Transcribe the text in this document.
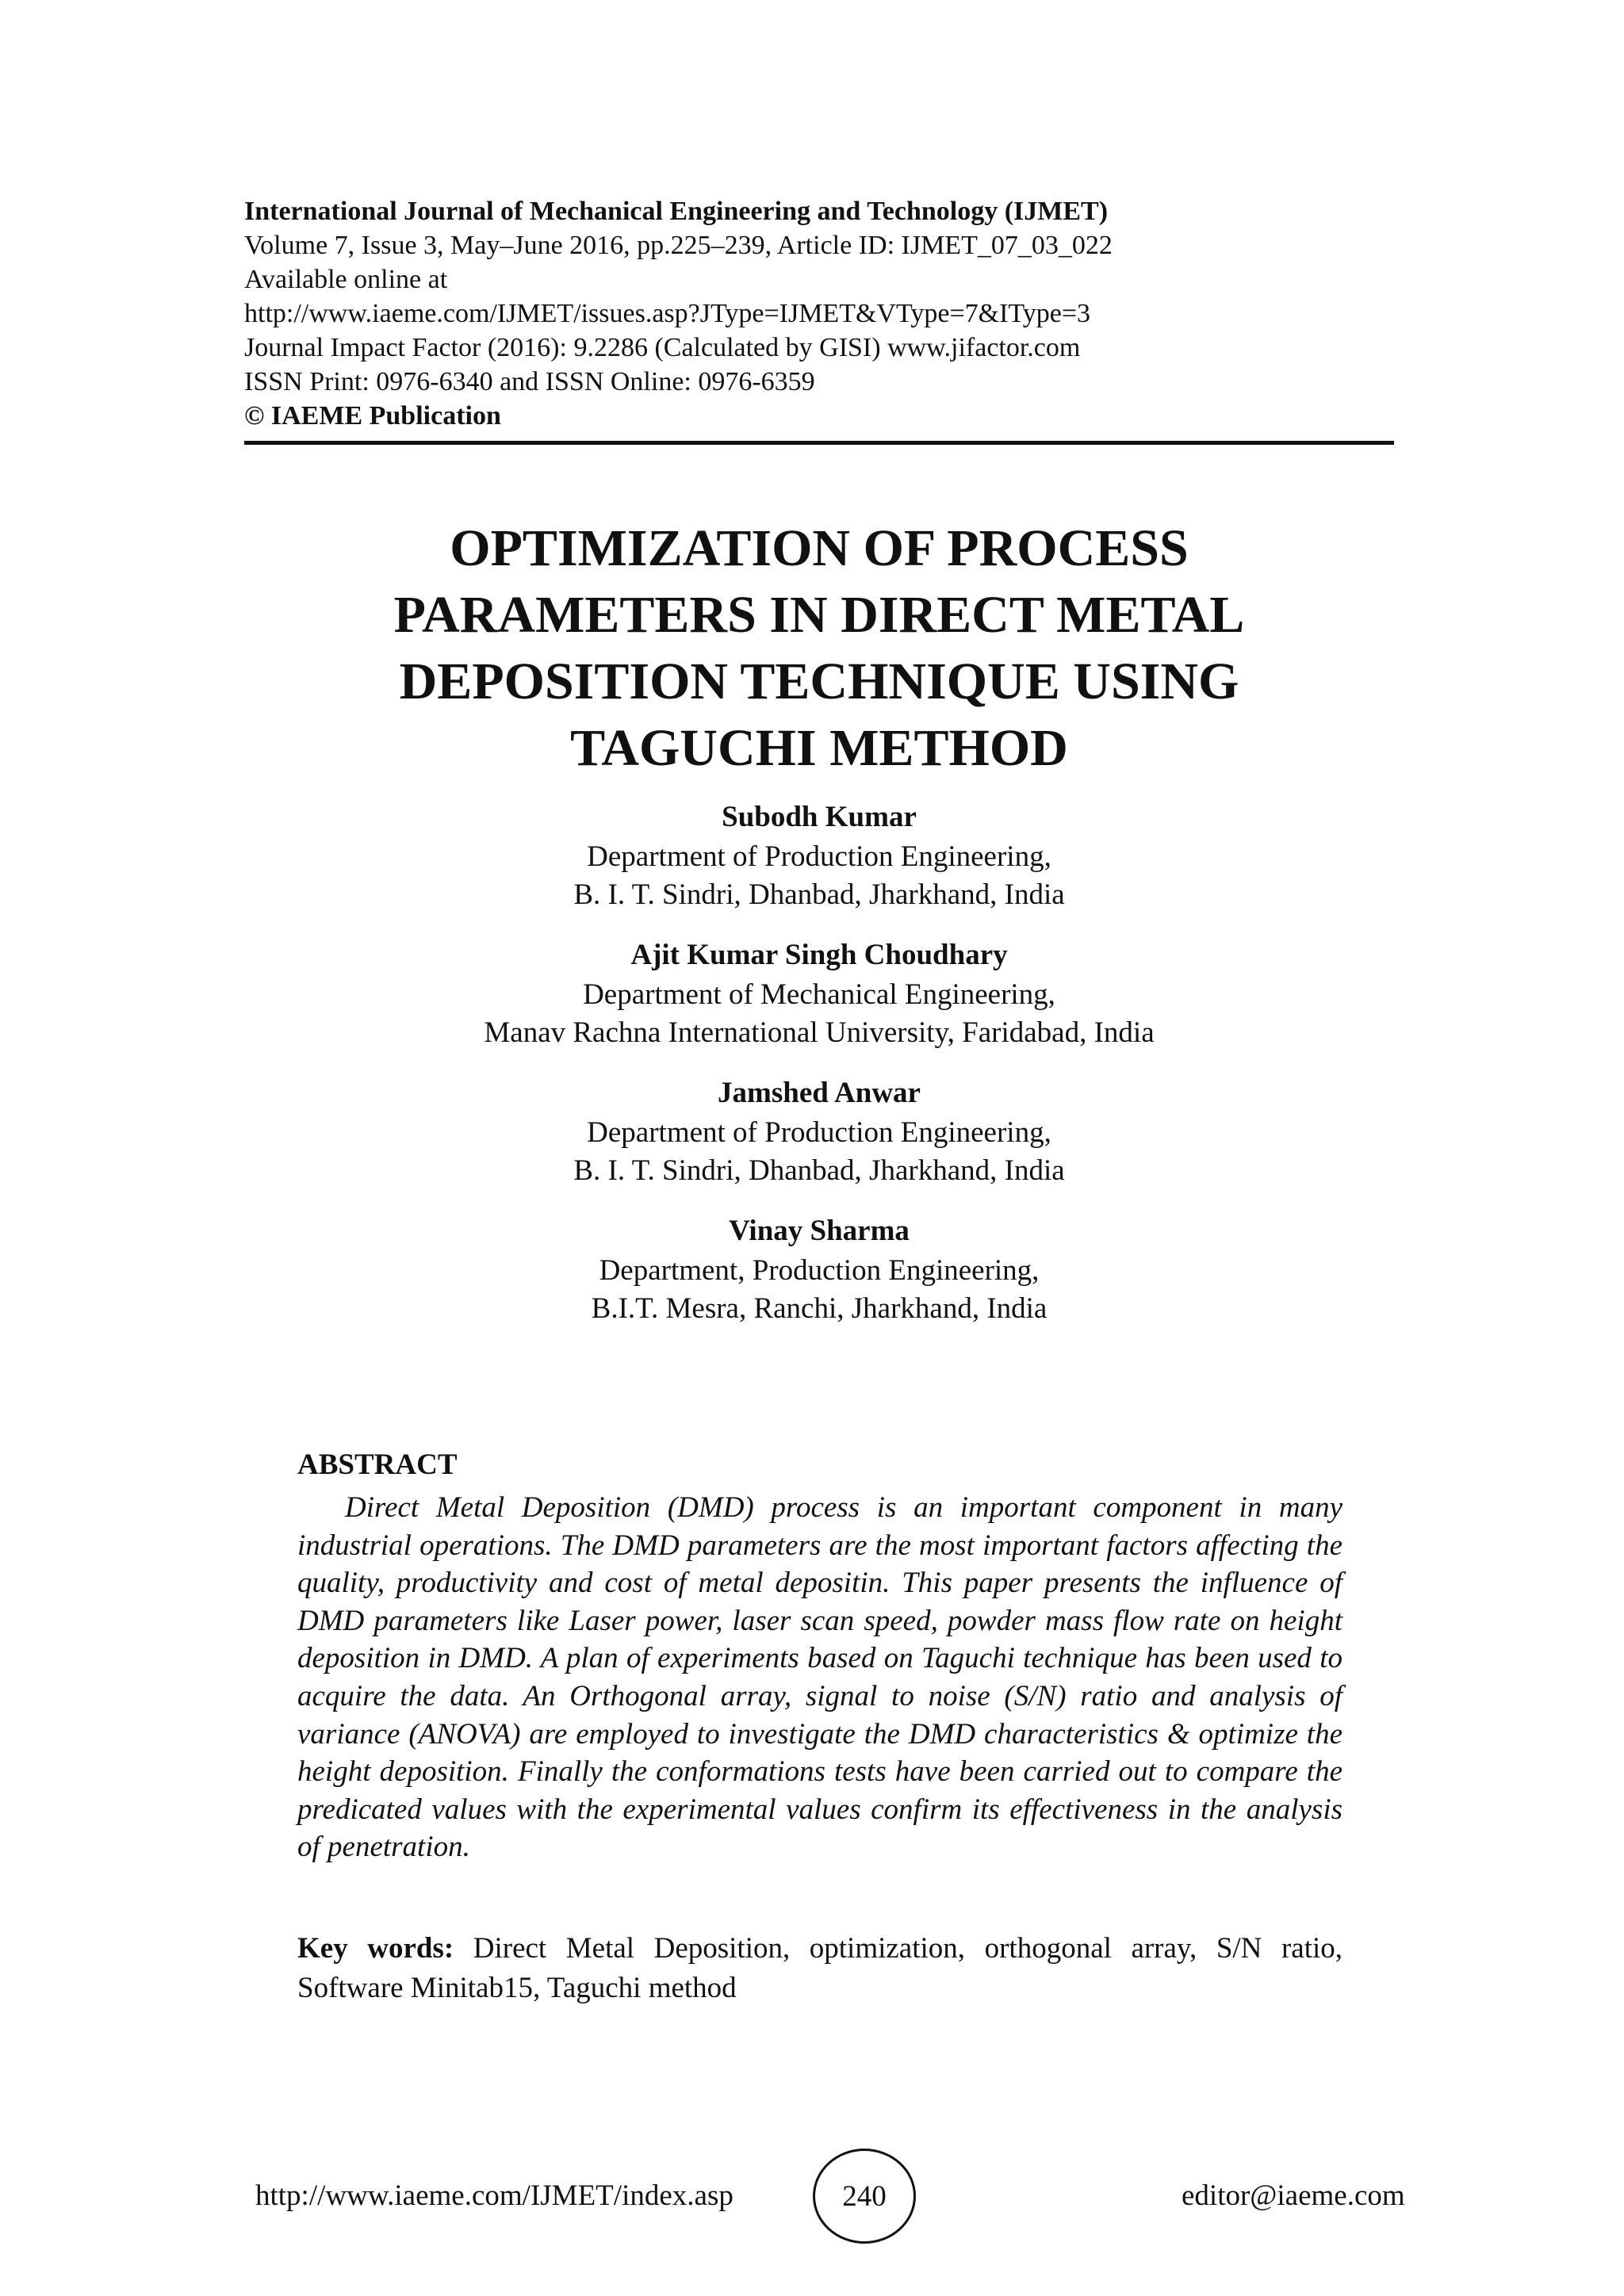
International Journal of Mechanical Engineering and Technology (IJMET)
Volume 7, Issue 3, May–June 2016, pp.225–239, Article ID: IJMET_07_03_022
Available online at
http://www.iaeme.com/IJMET/issues.asp?JType=IJMET&VType=7&IType=3
Journal Impact Factor (2016): 9.2286 (Calculated by GISI) www.jifactor.com
ISSN Print: 0976-6340 and ISSN Online: 0976-6359
© IAEME Publication
OPTIMIZATION OF PROCESS
PARAMETERS IN DIRECT METAL
DEPOSITION TECHNIQUE USING
TAGUCHI METHOD
Subodh Kumar
Department of Production Engineering,
B. I. T. Sindri, Dhanbad, Jharkhand, India
Ajit Kumar Singh Choudhary
Department of Mechanical Engineering,
Manav Rachna International University, Faridabad, India
Jamshed Anwar
Department of Production Engineering,
B. I. T. Sindri, Dhanbad, Jharkhand, India
Vinay Sharma
Department, Production Engineering,
B.I.T. Mesra, Ranchi, Jharkhand, India
ABSTRACT
Direct Metal Deposition (DMD) process is an important component in many industrial operations. The DMD parameters are the most important factors affecting the quality, productivity and cost of metal depositin. This paper presents the influence of DMD parameters like Laser power, laser scan speed, powder mass flow rate on height deposition in DMD. A plan of experiments based on Taguchi technique has been used to acquire the data. An Orthogonal array, signal to noise (S/N) ratio and analysis of variance (ANOVA) are employed to investigate the DMD characteristics & optimize the height deposition. Finally the conformations tests have been carried out to compare the predicated values with the experimental values confirm its effectiveness in the analysis of penetration.
Key words: Direct Metal Deposition, optimization, orthogonal array, S/N ratio, Software Minitab15, Taguchi method
http://www.iaeme.com/IJMET/index.asp	240	editor@iaeme.com
